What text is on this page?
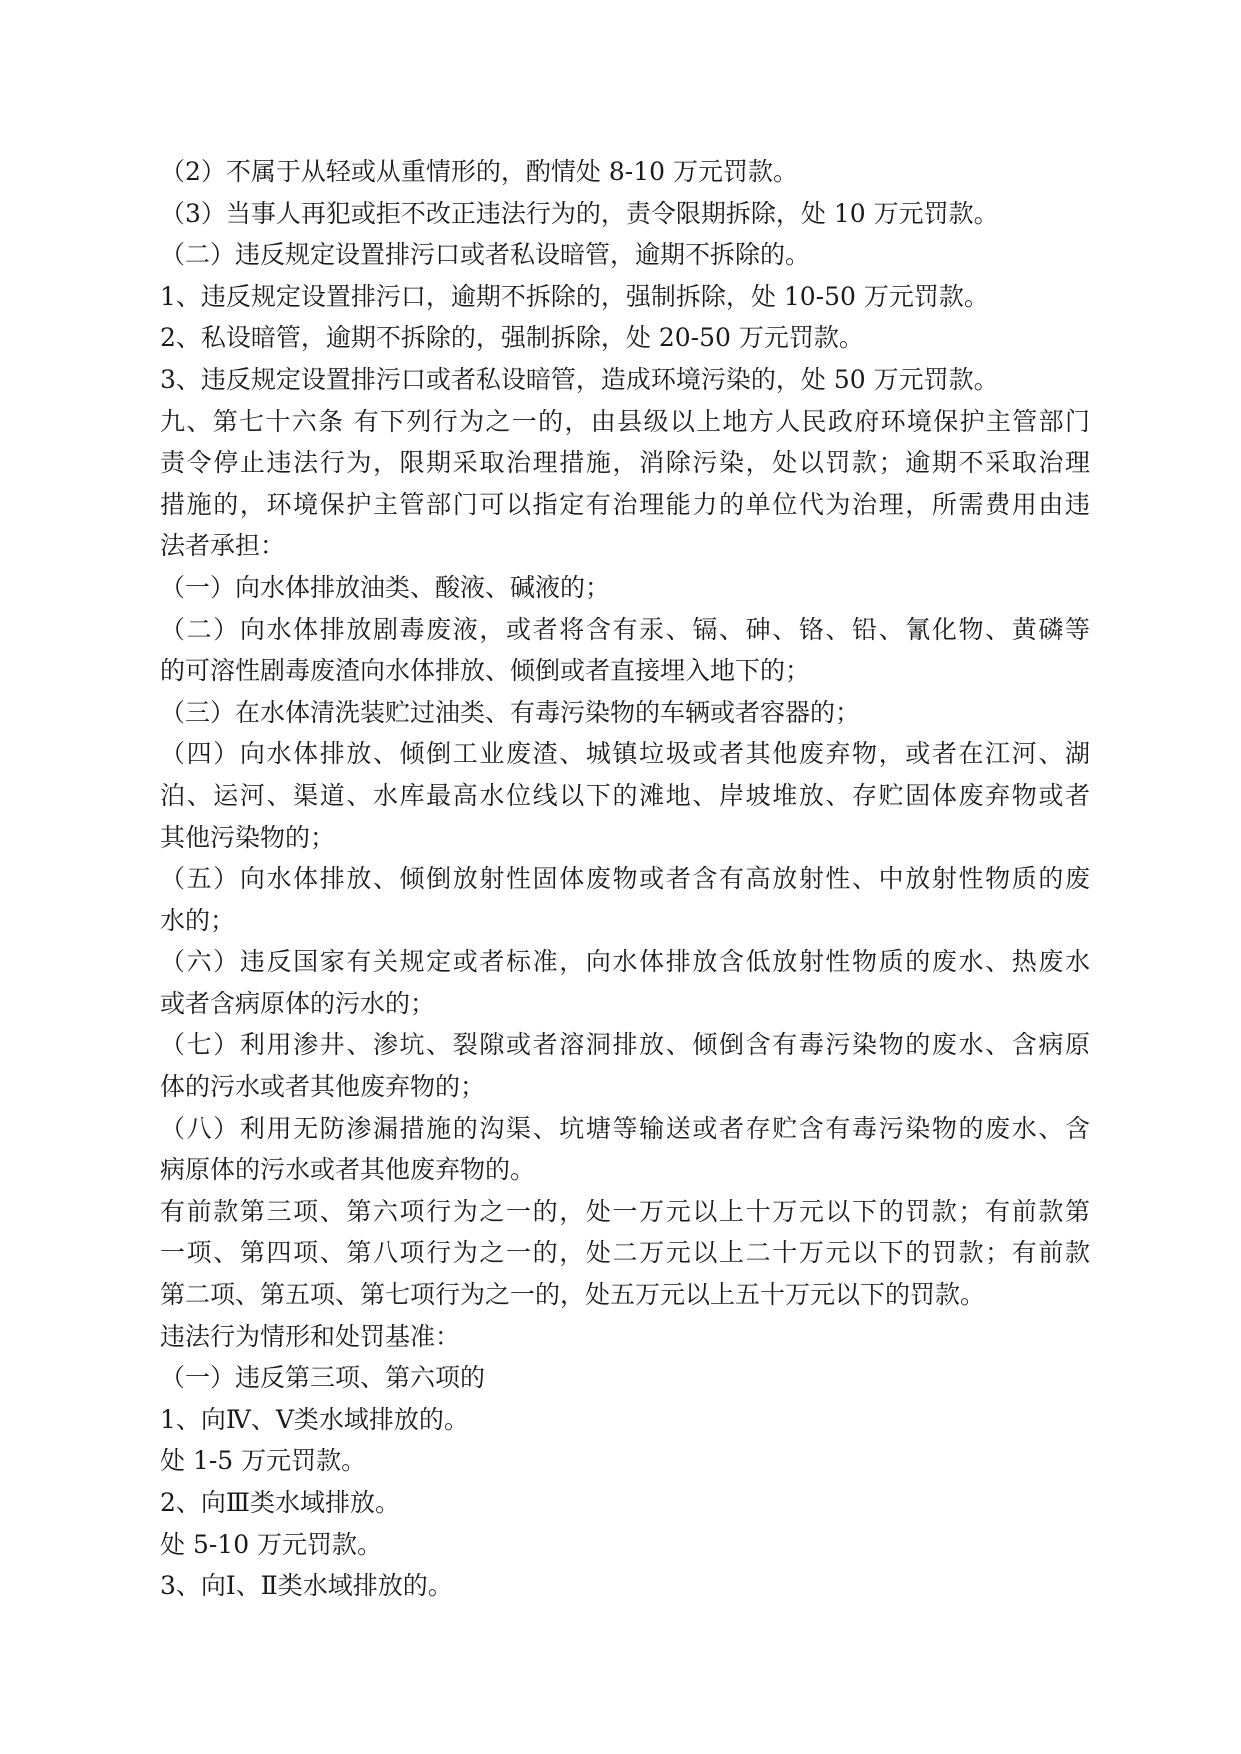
（2）不属于从轻或从重情形的，酌情处 8-10 万元罚款。
（3）当事人再犯或拒不改正违法行为的，责令限期拆除，处 10 万元罚款。
（二）违反规定设置排污口或者私设暗管，逾期不拆除的。
1、违反规定设置排污口，逾期不拆除的，强制拆除，处 10-50 万元罚款。
2、私设暗管，逾期不拆除的，强制拆除，处 20-50 万元罚款。
3、违反规定设置排污口或者私设暗管，造成环境污染的，处 50 万元罚款。
九、第七十六条 有下列行为之一的，由县级以上地方人民政府环境保护主管部门
责令停止违法行为，限期采取治理措施，消除污染，处以罚款；逾期不采取治理
措施的，环境保护主管部门可以指定有治理能力的单位代为治理，所需费用由违
法者承担：
（一）向水体排放油类、酸液、碱液的；
（二）向水体排放剧毒废液，或者将含有汞、镉、砷、铬、铅、氰化物、黄磷等
的可溶性剧毒废渣向水体排放、倾倒或者直接埋入地下的；
（三）在水体清洗装贮过油类、有毒污染物的车辆或者容器的；
（四）向水体排放、倾倒工业废渣、城镇垃圾或者其他废弃物，或者在江河、湖
泊、运河、渠道、水库最高水位线以下的滩地、岸坡堆放、存贮固体废弃物或者
其他污染物的；
（五）向水体排放、倾倒放射性固体废物或者含有高放射性、中放射性物质的废
水的；
（六）违反国家有关规定或者标准，向水体排放含低放射性物质的废水、热废水
或者含病原体的污水的；
（七）利用渗井、渗坑、裂隙或者溶洞排放、倾倒含有毒污染物的废水、含病原
体的污水或者其他废弃物的；
（八）利用无防渗漏措施的沟渠、坑塘等输送或者存贮含有毒污染物的废水、含
病原体的污水或者其他废弃物的。
有前款第三项、第六项行为之一的，处一万元以上十万元以下的罚款；有前款第
一项、第四项、第八项行为之一的，处二万元以上二十万元以下的罚款；有前款
第二项、第五项、第七项行为之一的，处五万元以上五十万元以下的罚款。
违法行为情形和处罚基准：
（一）违反第三项、第六项的
1、向Ⅳ、Ⅴ类水域排放的。
处 1-5 万元罚款。
2、向Ⅲ类水域排放。
处 5-10 万元罚款。
3、向Ⅰ、Ⅱ类水域排放的。
